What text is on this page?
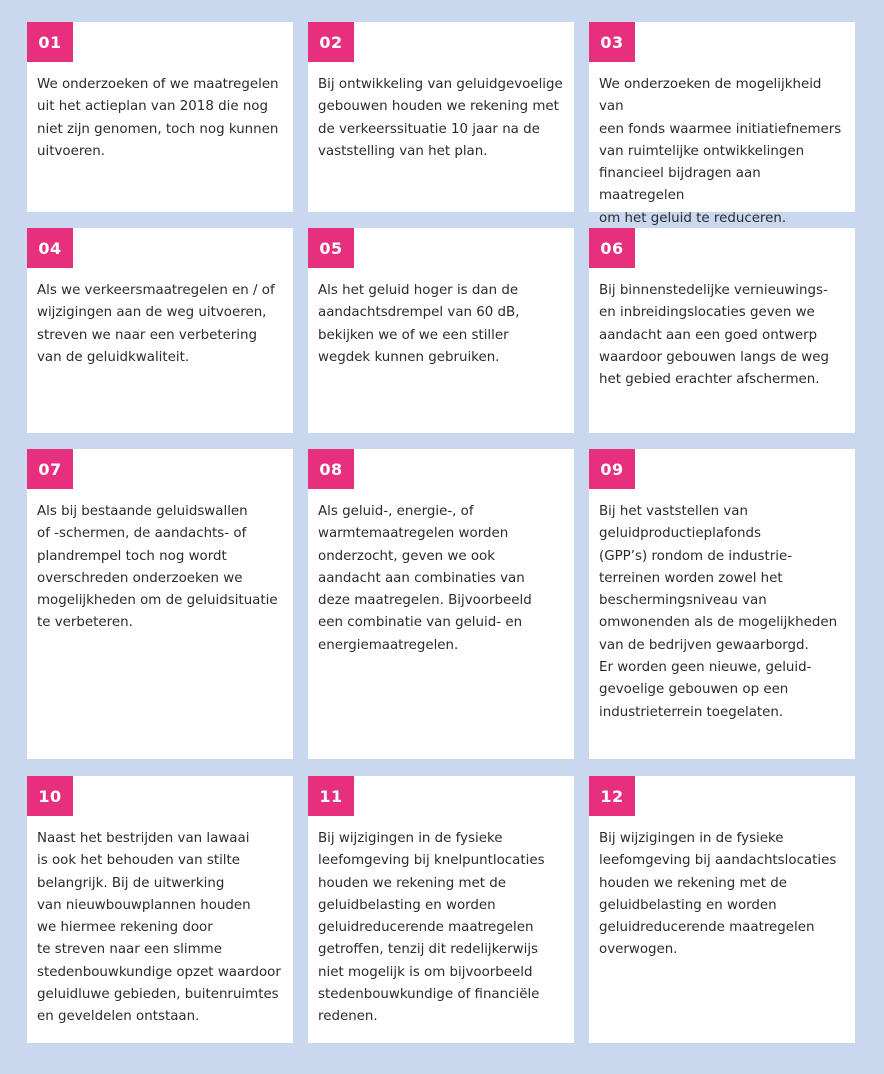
01

We onderzoeken of we maatregelen
uit het actieplan van 2018 die nog
niet zijn genomen, toch nog kunnen
uitvoeren.

02

Bij ontwikkeling van geluidgevoelige
gebouwen houden we rekening met
de verkeerssituatie 10 jaar na de
vaststelling van het plan.

03

We onderzoeken de mogelijkheid van
een fonds waarmee initiatiefnemers
van ruimtelijke ontwikkelingen
financieel bijdragen aan maatregelen
om het geluid te reduceren.

04

Als we verkeersmaatregelen en / of
wijzigingen aan de weg uitvoeren,
streven we naar een verbetering
van de geluidkwaliteit.

05

Als het geluid hoger is dan de
aandachtsdrempel van 60 dB,
bekijken we of we een stiller
wegdek kunnen gebruiken.

06

Bij binnenstedelijke vernieuwings-
en inbreidingslocaties geven we
aandacht aan een goed ontwerp
waardoor gebouwen langs de weg
het gebied erachter afschermen.

07

Als bij bestaande geluidswallen
of -schermen, de aandachts- of
plandrempel toch nog wordt
overschreden onderzoeken we
mogelijkheden om de geluidsituatie
te verbeteren.

08

Als geluid-, energie-, of
warmtemaatregelen worden
onderzocht, geven we ook
aandacht aan combinaties van
deze maatregelen. Bijvoorbeeld
een combinatie van geluid- en
energiemaatregelen.

09

Bij het vaststellen van
geluidproductieplafonds
(GPP’s) rondom de industrie-
terreinen worden zowel het
beschermingsniveau van
omwonenden als de mogelijkheden
van de bedrijven gewaarborgd.
Er worden geen nieuwe, geluid-
gevoelige gebouwen op een
industrieterrein toegelaten.

10

Naast het bestrijden van lawaai
is ook het behouden van stilte
belangrijk. Bij de uitwerking
van nieuwbouwplannen houden
we hiermee rekening door
te streven naar een slimme
stedenbouwkundige opzet waardoor
geluidluwe gebieden, buitenruimtes
en geveldelen ontstaan.

11

Bij wijzigingen in de fysieke
leefomgeving bij knelpuntlocaties
houden we rekening met de
geluidbelasting en worden
geluidreducerende maatregelen
getroffen, tenzij dit redelijkerwijs
niet mogelijk is om bijvoorbeeld
stedenbouwkundige of financiële
redenen.

12

Bij wijzigingen in de fysieke
leefomgeving bij aandachtslocaties
houden we rekening met de
geluidbelasting en worden
geluidreducerende maatregelen
overwogen.
